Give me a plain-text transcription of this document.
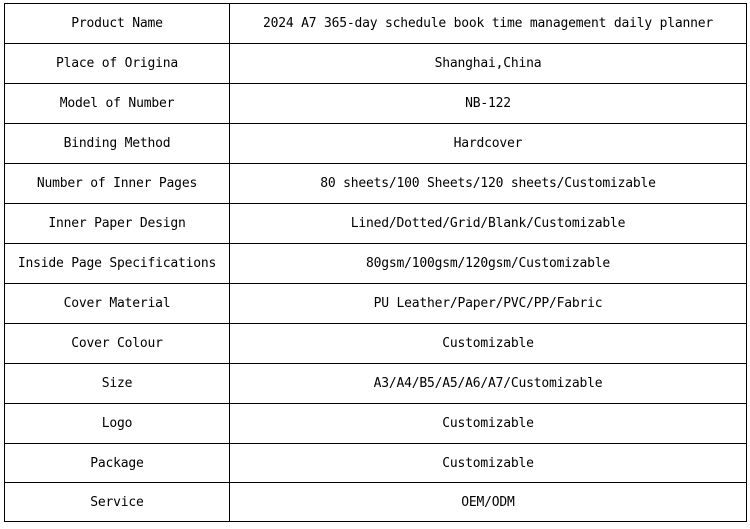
Product Name	2024 A7 365-day schedule book time management daily planner
Place of Origina	Shanghai,China
Model of Number	NB-122
Binding Method	Hardcover
Number of Inner Pages	80 sheets/100 Sheets/120 sheets/Customizable
Inner Paper Design	Lined/Dotted/Grid/Blank/Customizable
Inside Page Specifications	80gsm/100gsm/120gsm/Customizable
Cover Material	PU Leather/Paper/PVC/PP/Fabric
Cover Colour	Customizable
Size	A3/A4/B5/A5/A6/A7/Customizable
Logo	Customizable
Package	Customizable
Service	OEM/ODM
